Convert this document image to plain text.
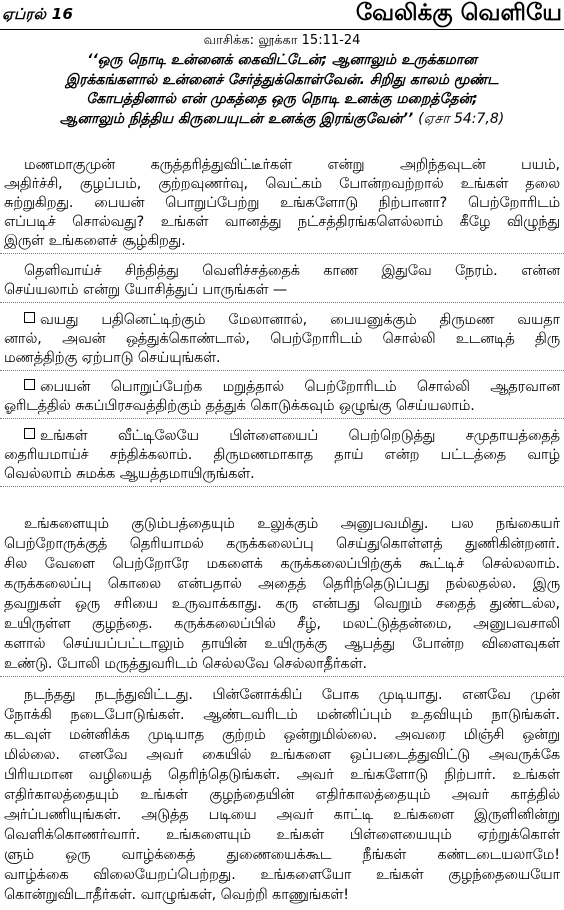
ஏப்ரல் 16	வேலிக்கு வெளியே
வாசிக்க: லூக்கா 15:11-24
‘‘ஒரு நொடி உன்னைக் கைவிட்டேன்; ஆனாலும் உருக்கமான
இரக்கங்களால் உன்னைச் சேர்த்துக்கொள்வேன். சிறிது காலம் மூண்ட
கோபத்தினால் என் முகத்தை ஒரு நொடி உனக்கு மறைத்தேன்;
ஆனாலும் நித்திய கிருபையுடன் உனக்கு இரங்குவேன்’’ (ஏசா 54:7,8)
மணமாகுமுன் கருத்தரித்துவிட்டீர்கள் என்று அறிந்தவுடன் பயம்,
அதிர்ச்சி, குழப்பம், குற்றவுணர்வு, வெட்கம் போன்றவற்றால் உங்கள் தலை
சுற்றுகிறது. பையன் பொறுப்பேற்று உங்களோடு நிற்பானா? பெற்றோரிடம்
எப்படிச் சொல்வது? உங்கள் வானத்து நட்சத்திரங்களெல்லாம் கீழே விழுந்து
இருள் உங்களைச் சூழ்கிறது.
தெளிவாய்ச் சிந்தித்து வெளிச்சத்தைக் காண இதுவே நேரம். என்ன
செய்யலாம் என்று யோசித்துப் பாருங்கள் —
வயது பதினெட்டிற்கும் மேலானால், பையனுக்கும் திருமண வயதா
னால், அவன் ஒத்துக்கொண்டால், பெற்றோரிடம் சொல்லி உடனடித் திரு
மணத்திற்கு ஏற்பாடு செய்யுங்கள்.
பையன் பொறுப்பேற்க மறுத்தால் பெற்றோரிடம் சொல்லி ஆதரவான
ஓரிடத்தில் சுகப்பிரசவத்திற்கும் தத்துக் கொடுக்கவும் ஒழுங்கு செய்யலாம்.
உங்கள் வீட்டிலேயே பிள்ளையைப் பெற்றெடுத்து சமுதாயத்தைத்
தைரியமாய்ச் சந்திக்கலாம். திருமணமாகாத தாய் என்ற பட்டத்தை வாழ்
வெல்லாம் சுமக்க ஆயத்தமாயிருங்கள்.
உங்களையும் குடும்பத்தையும் உலுக்கும் அனுபவமிது. பல நங்கையர்
பெற்றோருக்குத் தெரியாமல் கருக்கலைப்பு செய்துகொள்ளத் துணிகின்றனர்.
சில வேளை பெற்றோரே மகளைக் கருக்கலைப்பிற்குக் கூட்டிச் செல்லலாம்.
கருக்கலைப்பு கொலை என்பதால் அதைத் தெரிந்தெடுப்பது நல்லதல்ல. இரு
தவறுகள் ஒரு சரியை உருவாக்காது. கரு என்பது வெறும் சதைத் துண்டல்ல,
உயிருள்ள குழந்தை. கருக்கலைப்பில் சீழ், மலட்டுத்தன்மை, அனுபவசாலி
களால் செய்யப்பட்டாலும் தாயின் உயிருக்கு ஆபத்து போன்ற விளைவுகள்
உண்டு. போலி மருத்துவரிடம் செல்லவே செல்லாதீர்கள்.
நடந்தது நடந்துவிட்டது. பின்னோக்கிப் போக முடியாது. எனவே முன்
நோக்கி நடைபோடுங்கள். ஆண்டவரிடம் மன்னிப்பும் உதவியும் நாடுங்கள்.
கடவுள் மன்னிக்க முடியாத குற்றம் ஒன்றுமில்லை. அவரை மிஞ்சி ஒன்று
மில்லை. எனவே அவர் கையில் உங்களை ஒப்படைத்துவிட்டு அவருக்கே
பிரியமான வழியைத் தெரிந்தெடுங்கள். அவர் உங்களோடு நிற்பார். உங்கள்
எதிர்காலத்தையும் உங்கள் குழந்தையின் எதிர்காலத்தையும் அவர் காத்தில்
அர்ப்பணியுங்கள். அடுத்த படியை அவர் காட்டி உங்களை இருளினின்று
வெளிக்கொணர்வார். உங்களையும் உங்கள் பிள்ளையையும் ஏற்றுக்கொள்
ளும் ஒரு வாழ்க்கைத் துணையைக்கூட நீங்கள் கண்டடையலாமே!
வாழ்க்கை விலையேறப்பெற்றது. உங்களையோ உங்கள் குழந்தையையோ
கொன்றுவிடாதீர்கள். வாழுங்கள், வெற்றி காணுங்கள்!
